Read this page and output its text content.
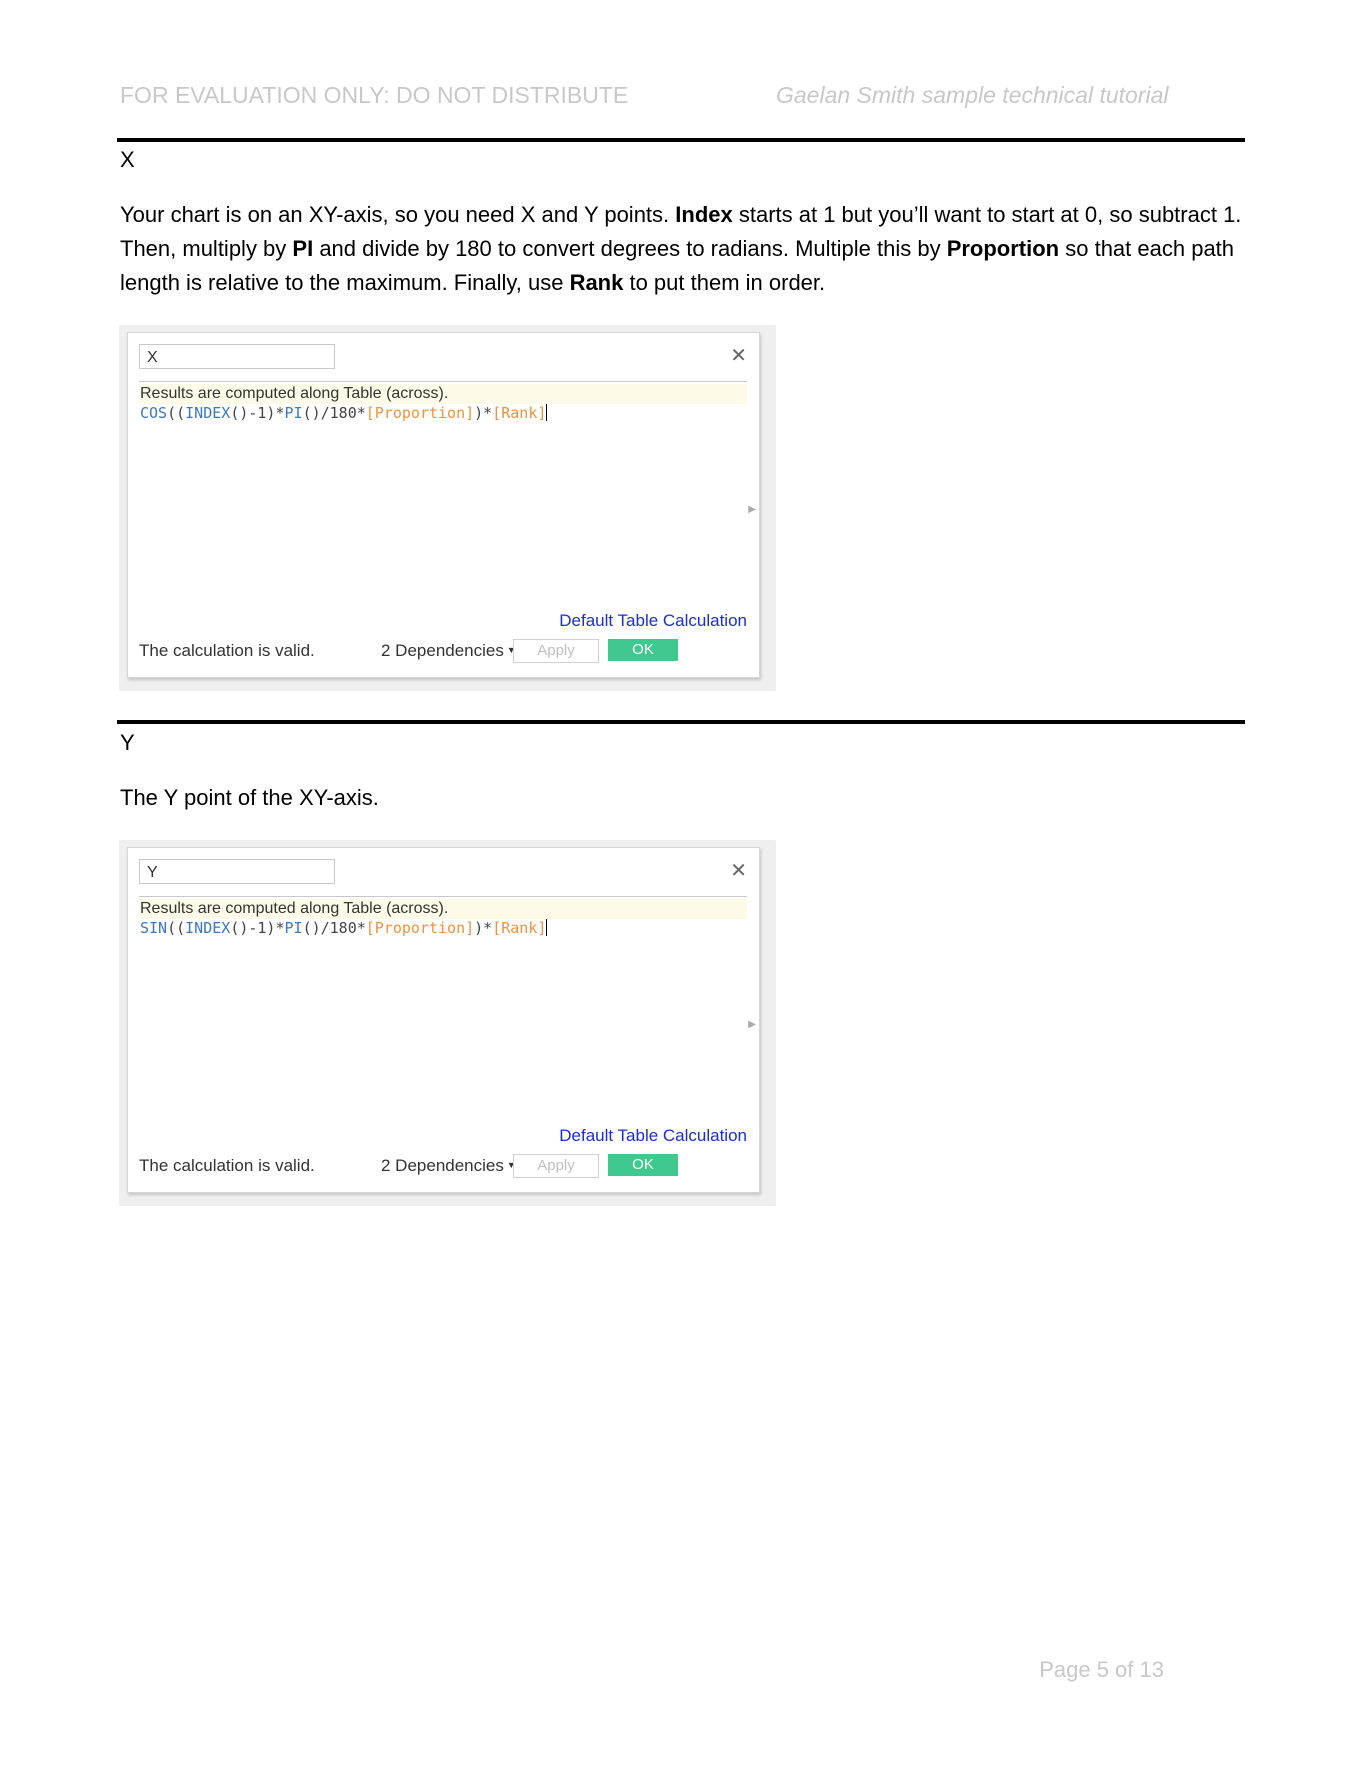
FOR EVALUATION ONLY: DO NOT DISTRIBUTE	Gaelan Smith sample technical tutorial
X
Your chart is on an XY-axis, so you need X and Y points. Index starts at 1 but you’ll want to start at 0, so subtract 1. Then, multiply by PI and divide by 180 to convert degrees to radians. Multiple this by Proportion so that each path length is relative to the maximum. Finally, use Rank to put them in order.
X	✕
Results are computed along Table (across).
COS((INDEX()-1)*PI()/180*[Proportion])*[Rank]
▶
Default Table Calculation
The calculation is valid.	2 Dependencies ▼	Apply	OK
Y
The Y point of the XY-axis.
Y	✕
Results are computed along Table (across).
SIN((INDEX()-1)*PI()/180*[Proportion])*[Rank]
▶
Default Table Calculation
The calculation is valid.	2 Dependencies ▼	Apply	OK
Page 5 of 13
